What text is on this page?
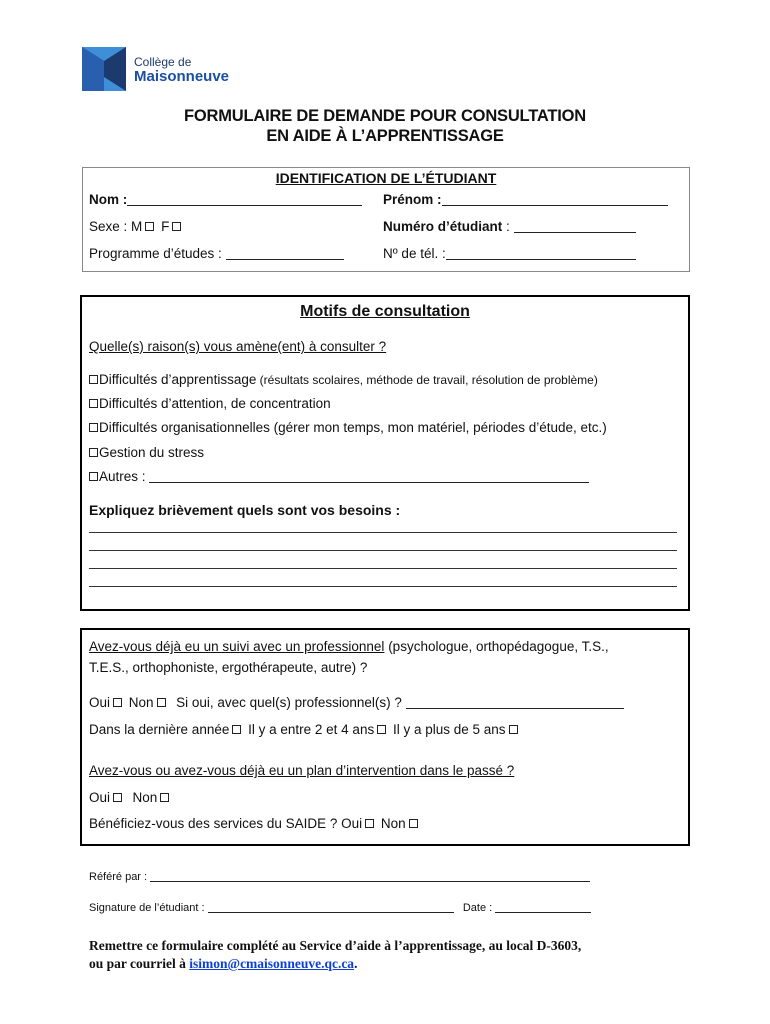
Collège de
Maisonneuve
FORMULAIRE DE DEMANDE POUR CONSULTATION
EN AIDE À L’APPRENTISSAGE
IDENTIFICATION DE L’ÉTUDIANT
Nom :	Prénom :
Sexe : M F	Numéro d’étudiant :
Programme d’études :	Nº de tél. :
Motifs de consultation
Quelle(s) raison(s) vous amène(ent) à consulter ?
Difficultés d’apprentissage (résultats scolaires, méthode de travail, résolution de problème)
Difficultés d’attention, de concentration
Difficultés organisationnelles (gérer mon temps, mon matériel, périodes d’étude, etc.)
Gestion du stress
Autres :
Expliquez brièvement quels sont vos besoins :
Avez-vous déjà eu un suivi avec un professionnel (psychologue, orthopédagogue, T.S.,
T.E.S., orthophoniste, ergothérapeute, autre) ?
Oui Non Si oui, avec quel(s) professionnel(s) ?
Dans la dernière année Il y a entre 2 et 4 ans Il y a plus de 5 ans
Avez-vous ou avez-vous déjà eu un plan d’intervention dans le passé ?
Oui Non
Bénéficiez-vous des services du SAIDE ? Oui Non
Référé par :
Signature de l’étudiant :	Date :
Remettre ce formulaire complété au Service d’aide à l’apprentissage, au local D-3603,
ou par courriel à isimon@cmaisonneuve.qc.ca.
